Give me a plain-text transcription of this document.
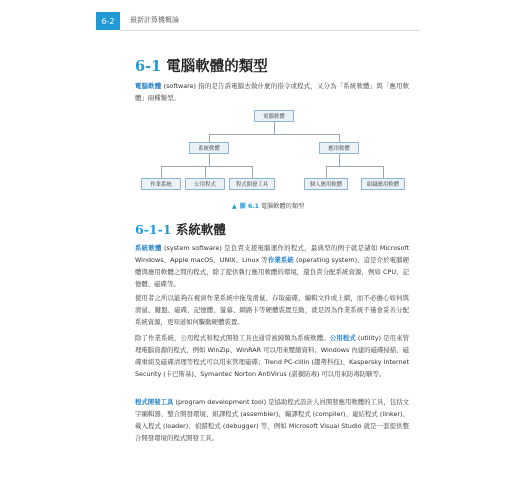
6-2	最新計算機概論
6-1 電腦軟體的類型
電腦軟體 (software) 指的是告訴電腦去做什麼的指令或程式，又分為「系統軟體」與「應用軟體」兩種類型。
電腦軟體
系統軟體	應用軟體
作業系統	公用程式	程式開發工具	個人應用軟體	組織應用軟體
▲ 圖 6.1 電腦軟體的類型
6-1-1 系統軟體
系統軟體 (system software) 是負責支援電腦運作的程式，最典型的例子就是諸如 Microsoft Windows、Apple macOS、UNIX、Linux 等作業系統 (operating system)，這是介於電腦硬體與應用軟體之間的程式，除了提供執行應用軟體的環境，還負責分配系統資源，例如 CPU、記憶體、磁碟等。
使用者之所以能夠在視窗作業系統中拖曳滑鼠、存取磁碟、編輯文件或上網，而不必擔心如何與滑鼠、鍵盤、磁碟、記憶體、螢幕、網路卡等硬體裝置互動，就是因為作業系統不僅會妥善分配系統資源，更知道如何驅動硬體裝置。
除了作業系統，公用程式和程式開發工具也通常被歸類為系統軟體。公用程式 (utility) 是用來管理電腦資源的程式，例如 WinZip、WinRAR 可以用來壓縮資料；Windows 內建的磁碟掃描、磁碟重組及磁碟清理等程式可以用來管理磁碟；Trend PC-cillin (趨勢科技)、Kaspersky Internet Security (卡巴斯基)、Symantec Norton AntiVirus (諾頓防毒) 可以用來防毒防駭等。
程式開發工具 (program development tool) 是協助程式設計人員開發應用軟體的工具，包括文字編輯器、整合開發環境、組譯程式 (assembler)、編譯程式 (compiler)、連結程式 (linker)、載入程式 (loader)、偵錯程式 (debugger) 等，例如 Microsoft Visual Studio 就是一套提供整合開發環境的程式開發工具。
